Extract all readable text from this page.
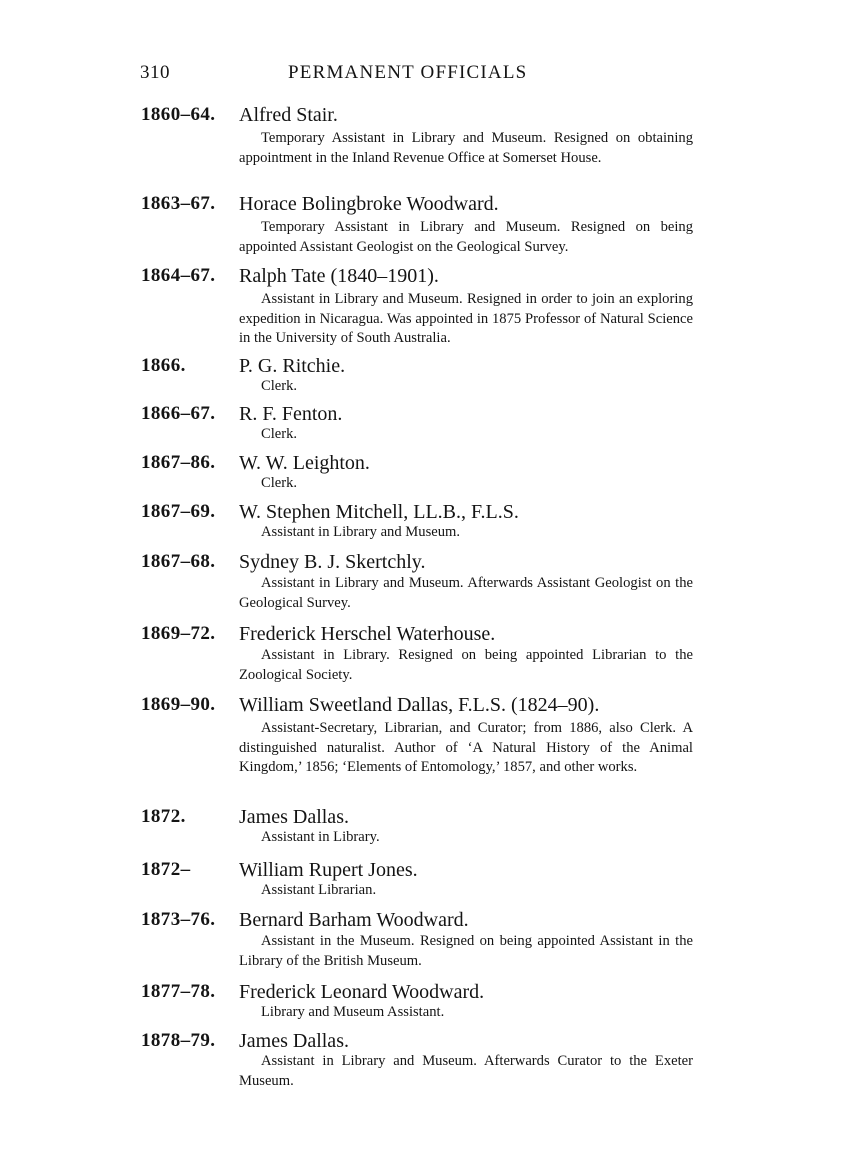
310	PERMANENT OFFICIALS
1860–64. Alfred Stair.
Temporary Assistant in Library and Museum. Resigned on obtaining appointment in the Inland Revenue Office at Somerset House.
1863–67. Horace Bolingbroke Woodward.
Temporary Assistant in Library and Museum. Resigned on being appointed Assistant Geologist on the Geological Survey.
1864–67. Ralph Tate (1840–1901).
Assistant in Library and Museum. Resigned in order to join an exploring expedition in Nicaragua. Was appointed in 1875 Professor of Natural Science in the University of South Australia.
1866.	P. G. Ritchie.
Clerk.
1866–67. R. F. Fenton.
Clerk.
1867–86. W. W. Leighton.
Clerk.
1867–69. W. Stephen Mitchell, LL.B., F.L.S.
Assistant in Library and Museum.
1867–68. Sydney B. J. Skertchly.
Assistant in Library and Museum. Afterwards Assistant Geologist on the Geological Survey.
1869–72. Frederick Herschel Waterhouse.
Assistant in Library. Resigned on being appointed Librarian to the Zoological Society.
1869–90. William Sweetland Dallas, F.L.S. (1824–90).
Assistant-Secretary, Librarian, and Curator; from 1886, also Clerk. A distinguished naturalist. Author of ‘A Natural History of the Animal Kingdom,’ 1856; ‘Elements of Entomology,’ 1857, and other works.
1872.	James Dallas.
Assistant in Library.
1872– William Rupert Jones.
Assistant Librarian.
1873–76. Bernard Barham Woodward.
Assistant in the Museum. Resigned on being appointed Assistant in the Library of the British Museum.
1877–78. Frederick Leonard Woodward.
Library and Museum Assistant.
1878–79. James Dallas.
Assistant in Library and Museum. Afterwards Curator to the Exeter Museum.
